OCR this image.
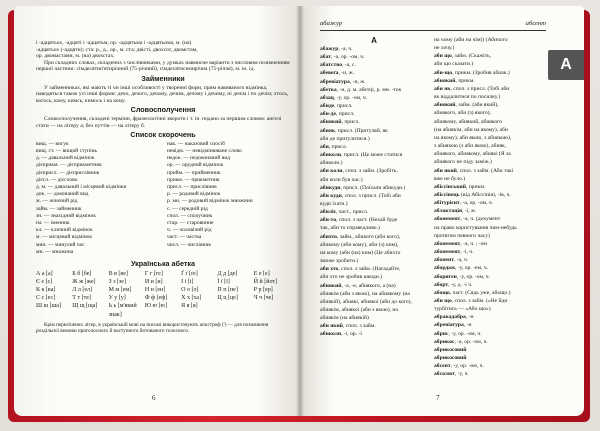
і -адцятьох, -адцяті і -адцятьм, ор. -адцятьма і -адцятьома, м. (на)
-адцятьох (-адцяти); ста: р., д., ор., м. ста; двісті, двохсот, двомстам,
ор. двомастами, м. (на) двохстах.

При складних словах, складених з числівниками, у думках навмисне варіанти з числовим позначенням першої частини: сімдесятип'ятирічний (75-річний), сімдесятисемирічна (75-річчя), м. ін. ід.

Займенники

У займенниках, які мають ті чи інші особливості у творенні форм, прим навиваного відмінка, наводяться також усі інші форми: дечо, дечого, дечому, дечим, дечому і дечиму, ні дечім і по дечім; хтось, когось, кому, кимсь, кимось і на кому.

Словосполучення

Словосполучення, складені терміни, фразеологічні звороти і т. ін. подано за першим словом: ангелі стати — на літеру а; без путтів — на літеру б.

Список скорочень
вищ. — вигук
вищ. ст. — вищий ступінь
д. — давальний відмінок
дієприкм. — дієприкметник
дієприсл. — дієприслівник
дієсл. — дієслово
д. м. — давальний і місцевий відмінки
док. — доконаний вид
ж. — жіночий рід
займ. — займенник
зн. — знахідний відмінок
ім. — іменник
кл. — кличний відмінок
м. — місцевий відмінок
мин. — минулий час
мн. — множина
нак. — наказовий спосіб
невідм. — невідмінюване слово
недок. — недоконаний вид
ор. — орудний відмінок
прийм. — прийменник
прикм. — прикметник
присл. — прислівник
р. — родовий відмінок
р. мн. — родовий відмінок множини
с. — середній рід
спол. — сполучник
стар. — старовинне
ч. — чоловічий рід
част. — частка
числ. — числівник
Українська абетка
А а [а]	Б б [бе]	В в [ве]	Г г [ге]	Ґ ґ [ґе]	Д д [де]	Е е [е]
Є є [є]	Ж ж [же]	З з [зе]	И и [и]	І і [і]	Ї ї [ї]	Й й [йот]
К к [ка]	Л л [ел]	М м [ем]	Н н [ен]	О о [о]	П п [пе]	Р р [ер]
С с [ес]	Т т [те]	У у [у]	Ф ф [еф]	Х х [ха]	Ц ц [це]	Ч ч [че]
Ш ш [ша]	Щ щ [ща]	Ь ь [м'який знак]
Ю ю [ю]	Я я [я]

Крім перелічених літер, в українській мові на письмі використовують апостроф (') — для позначення роздільної вимови приголосного й наступного йотованого голосного.

6
абажур	абсент
А
А
абажур, -а, ч.
абат, -а, ор. -ом, ч.
абатство, -а, с.
абевеґа, -и, ж.
абревіатура, -и, ж.
абетка, -и, д. м. абетці, р. мн. -ток
абзац, -у, ор. -ом, ч.
абиде, присл.
аби-де, присл.
абиякий, присл.
абияк, присл. (Притуляй, як
аби де притулитися.)
аби, присл.
абиколи, присл. (Це може статися
абиколи.)
аби коли, спол. з займ. (Зробіть,
аби коли був час.)
абикуди, присл. (Поїхали абикуди.)
аби куди, спол. з присл. (Тобі аби
куди їхати.)
абиліє, част., присл.
аби-то, спол. з част. (Нехай буде
так, аби то справедливо.)
абихто, займ., абикого (аби кого),
абикому (аби кому), аби (з) ким),
на кому (аби (на) ким) (Це абихто
зможе зробити.)
аби хто, спол. з займ. (Нагадайте,
аби хто не зробив шкоди.)
абиякий, -а, -е, абиякого, а (на)
абиякім (аби з якою), на абиякому (на
абиякій), абиякі, абиякої (аби до кого),
абиякім, абиякої (аби з якою), на
абиякім (на абиякій)
аби який, спол. з займ.
абиколи, -і, ор. -ї
на чому (аби на чім)) (Абичого
не хочу.)
аби що, займ. (Скажіть,
аби що сказати.)
аби-що, прикм. (Зробив абиак.)
абиякий, прикм.
аби як, спол. з присл. (Тобі аби
як віддалитися по посилку.)
абиякий, займ. (аби який),
абиякого, аби (з) якого),
абиякому, абиякий, абиякого
(на абиякім, аби на якому), аби
на якому), аби якою, з абиякою),
з абиякою (з аби якою), абияк,
абиякого, абиякому, абиякі (Я за
абиякого не піду заміж.)
аби який, спол. з займ. (Аби такі
вже не було.)
абіссінський, прикм.
абіссінець (від Абіссінія), -ів, ч.
абітурієнт, -а, ор. -ом, ч.
аблактація, -ї, ж.
абонемент, -а, ч. (документ
на право користування чим-небудь
протягом певного часу)
абонемент, -а, ч. ; -ом
абонемент, -і, ч.
абонент, -а, ч.
абордаж, -у, ор. -ем, ч.
абориген, -у, ор. -ом, ч.
аборт, -у, д. -і ч.
абощо, част. (Сядь уже, абощо.)
аби що, спол. з займ. («Не йди
турбітись — «Або що»)
абракадабра, -и
абревіатура, -и
абрис, -у, ор. -ом, ч.
абрикос, -а, ор. -ом, ч.
абрикосовий
абрикосовий
абсент, -у, ор. -ом, ч.
абсолют, -у, ч.
7
